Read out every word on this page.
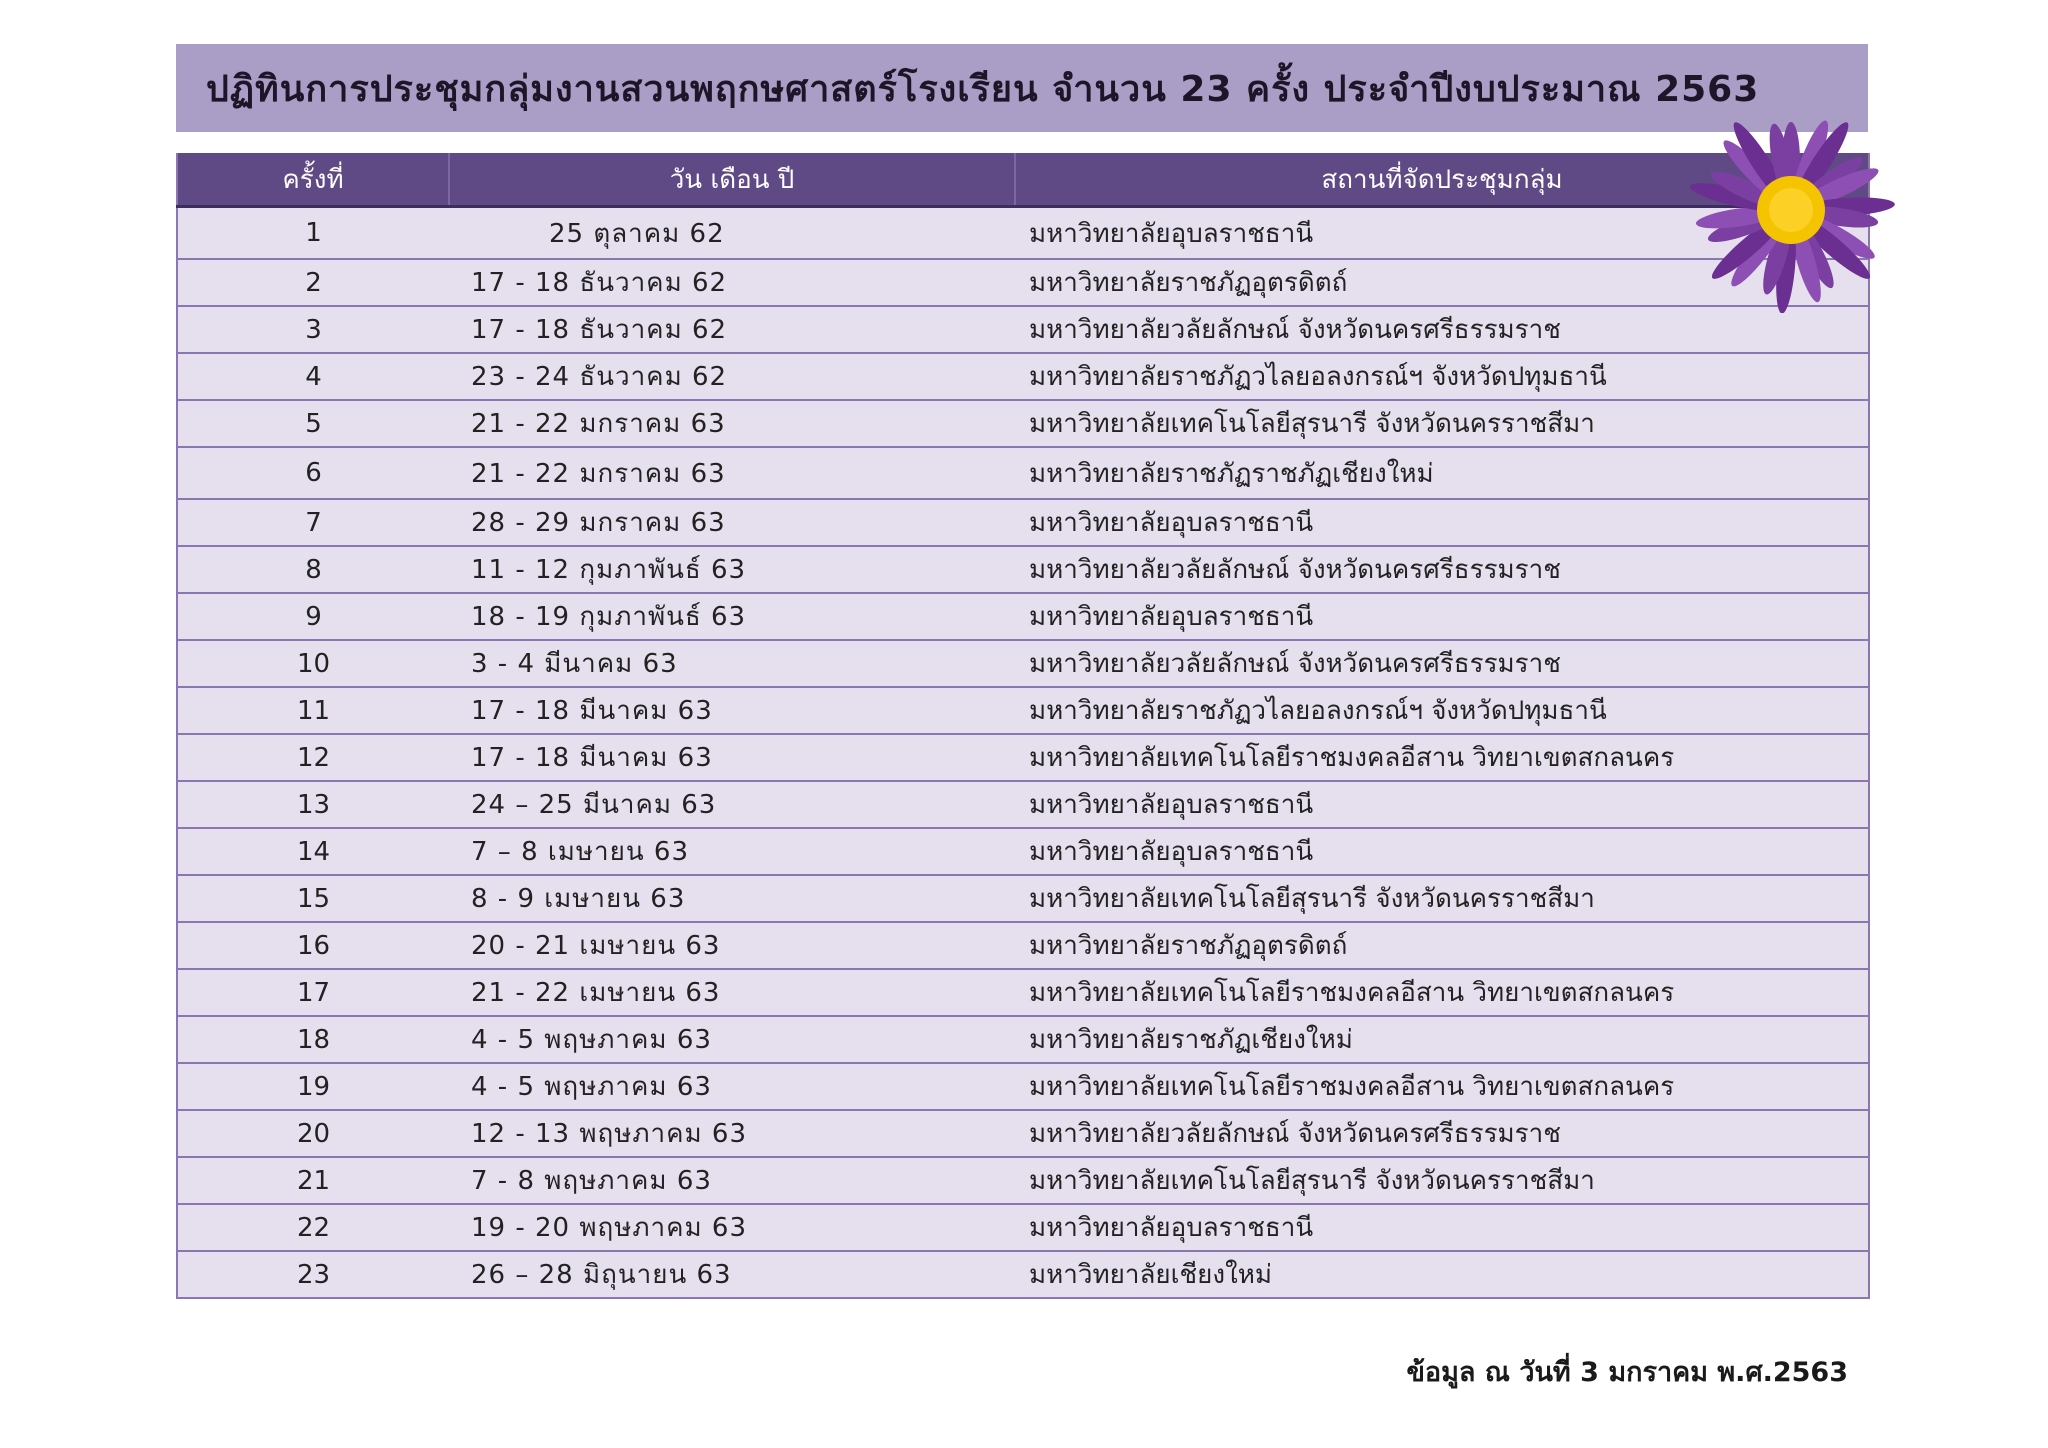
ปฏิทินการประชุมกลุ่มงานสวนพฤกษศาสตร์โรงเรียน จำนวน 23 ครั้ง ประจำปีงบประมาณ 2563
ครั้งที่	วัน เดือน ปี	สถานที่จัดประชุมกลุ่ม
1	25 ตุลาคม 62	มหาวิทยาลัยอุบลราชธานี
2	17 - 18 ธันวาคม 62	มหาวิทยาลัยราชภัฏอุตรดิตถ์
3	17 - 18 ธันวาคม 62	มหาวิทยาลัยวลัยลักษณ์ จังหวัดนครศรีธรรมราช
4	23 - 24 ธันวาคม 62	มหาวิทยาลัยราชภัฏวไลยอลงกรณ์ฯ จังหวัดปทุมธานี
5	21 - 22 มกราคม 63	มหาวิทยาลัยเทคโนโลยีสุรนารี จังหวัดนครราชสีมา
6	21 - 22 มกราคม 63	มหาวิทยาลัยราชภัฏราชภัฏเชียงใหม่
7	28 - 29 มกราคม 63	มหาวิทยาลัยอุบลราชธานี
8	11 - 12 กุมภาพันธ์ 63	มหาวิทยาลัยวลัยลักษณ์ จังหวัดนครศรีธรรมราช
9	18 - 19 กุมภาพันธ์ 63	มหาวิทยาลัยอุบลราชธานี
10	3 - 4 มีนาคม 63	มหาวิทยาลัยวลัยลักษณ์ จังหวัดนครศรีธรรมราช
11	17 - 18 มีนาคม 63	มหาวิทยาลัยราชภัฏวไลยอลงกรณ์ฯ จังหวัดปทุมธานี
12	17 - 18 มีนาคม 63	มหาวิทยาลัยเทคโนโลยีราชมงคลอีสาน วิทยาเขตสกลนคร
13	24 – 25 มีนาคม 63	มหาวิทยาลัยอุบลราชธานี
14	7 – 8 เมษายน 63	มหาวิทยาลัยอุบลราชธานี
15	8 - 9 เมษายน 63	มหาวิทยาลัยเทคโนโลยีสุรนารี จังหวัดนครราชสีมา
16	20 - 21 เมษายน 63	มหาวิทยาลัยราชภัฏอุตรดิตถ์
17	21 - 22 เมษายน 63	มหาวิทยาลัยเทคโนโลยีราชมงคลอีสาน วิทยาเขตสกลนคร
18	4 - 5 พฤษภาคม 63	มหาวิทยาลัยราชภัฏเชียงใหม่
19	4 - 5 พฤษภาคม 63	มหาวิทยาลัยเทคโนโลยีราชมงคลอีสาน วิทยาเขตสกลนคร
20	12 - 13 พฤษภาคม 63	มหาวิทยาลัยวลัยลักษณ์ จังหวัดนครศรีธรรมราช
21	7 - 8 พฤษภาคม 63	มหาวิทยาลัยเทคโนโลยีสุรนารี จังหวัดนครราชสีมา
22	19 - 20 พฤษภาคม 63	มหาวิทยาลัยอุบลราชธานี
23	26 – 28 มิถุนายน 63	มหาวิทยาลัยเชียงใหม่
ข้อมูล ณ วันที่ 3 มกราคม พ.ศ.2563
